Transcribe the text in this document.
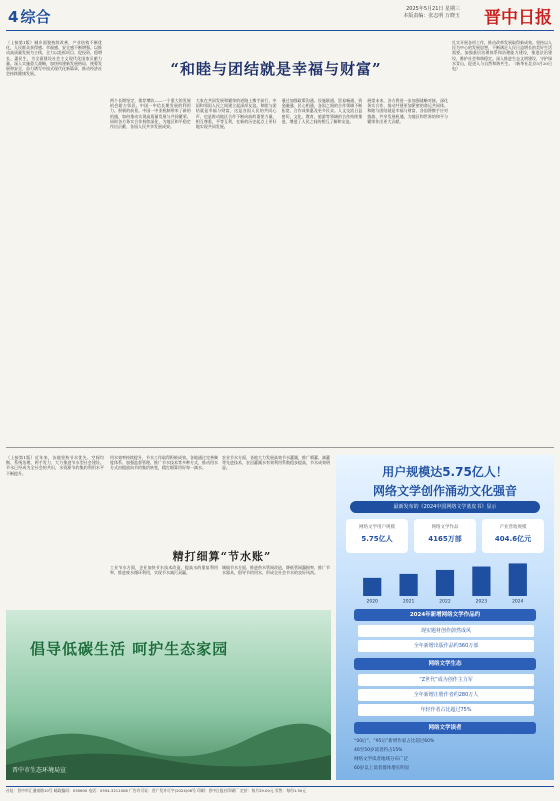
4 综合	2025年5月21日 星期三
本版责编：张志明 万晓玉	晋中日报
（上接第1版）城乡面貌持续改善，产业结构不断优化，人民群众获得感、幸福感、安全感不断增强。以推动高质量发展为主线，全力以赴抓项目、促投资、稳增长、惠民生，为全面建设社会主义现代化国家贡献力量。深入实施重大战略，加快构建新发展格局，统筹发展和安全，奋力谱写中国式现代化新篇章，推动经济社会持续健康发展。	“和睦与团结就是幸福与财富”
两个长期坚定、推荐增收——一个重大的发展机会助力邻居。中国一中信长期发展的利用力。积极的前景。中国一中亚机制带来了新的机遇，如何推动实现高质量发展与共同繁荣。同时各方务实合作持续深化，为地区和平稳定作出贡献，各国人民共享发展成果。
大家在共同发展和繁荣的道路上携手前行，中国和邻国人民之间建立起深厚友谊。和睦与团结就是幸福与财富，这是各国人民的共同心声，也是推动地区合作不断向前的重要力量。相互尊重、平等互利，在新的历史起点上更好地实现共同发展。
通过加强政策沟通、设施联通、贸易畅通、资金融通、民心相通，各国之间的合作领域不断拓宽，合作成果惠及更多民众。人文交流日益密切，文化、教育、旅游等领域的合作持续推进，增进了人民之间的相互了解和友谊。
展望未来，各方将进一步加强战略对接，深化务实合作，推动共建更加紧密的命运共同体。和睦与团结就是幸福与财富，各国将携手应对挑战、共享发展机遇，为地区和世界的和平与繁荣作出更大贡献。
扎实开展各项工作，推动改革发展取得新成效。坚持以人民为中心的发展思想，不断满足人民日益增长的美好生活需要。加强基层治理体系和治理能力建设，推进法治建设，维护社会和谐稳定。深入推进生态文明建设，守护绿水青山，促进人与自然和谐共生。（新华社北京5月20日电）
（上接第1版）近年来，各地坚持节水优先、空间均衡、系统治理、两手发力，大力推进节水型社会建设。节水已经成为全社会的共识，水资源节约集约利用水平不断提升。
用水效率持续提升，节水工作取得积极成效。各地通过完善制度体系、加强监督管理、推广节水技术等多种方式，推动用水方式由粗放向节约集约转变，精打细算用好每一滴水。
农业节水方面，各地大力发展高效节水灌溉，推广喷灌、滴灌等先进技术，农田灌溉水有效利用系数稳步提高，节水成效明显。
精打细算“节水账”
工业节水方面，企业加快节水技术改造，提高水的重复利用率，推进废水循环利用，实现节水减污双赢。
城镇节水方面，推进供水管网改造，降低管网漏损率，推广节水器具，倡导节约用水，形成全社会节水的良好风尚。
倡导低碳生活 呵护生态家园
晋中市生态环境局宣
用户规模达5.75亿人！
网络文学创作涌动文化强音
最新发布的《2024中国网络文学蓝皮书》显示
网络文学用户规模
5.75亿人
网络文学作品
4165万部
产业营收规模
404.6亿元
2020	2021	2022	2023	2024
2024年新增网络文学作品约
现实题材创作蔚然成风
全年新增出版作品约360万部
网络文学生态
“Z世代”成为创作主力军
全年新增注册作者约280万人
年轻作者占比超过75%
网络文学读者
“00后”、“95后”新增作家占比超过60%
40至50岁读者约占15%
网络文学读者地域分布广泛
60岁以上读者群体增长明显
社址：晋中市汇通南路10号 邮政编码：030600 电话：0354-3211008 广告许可证：晋广发许可字(2024)06号 印刷：晋中日报社印刷厂 定价：每月29.00元 零售：每份1.50元
